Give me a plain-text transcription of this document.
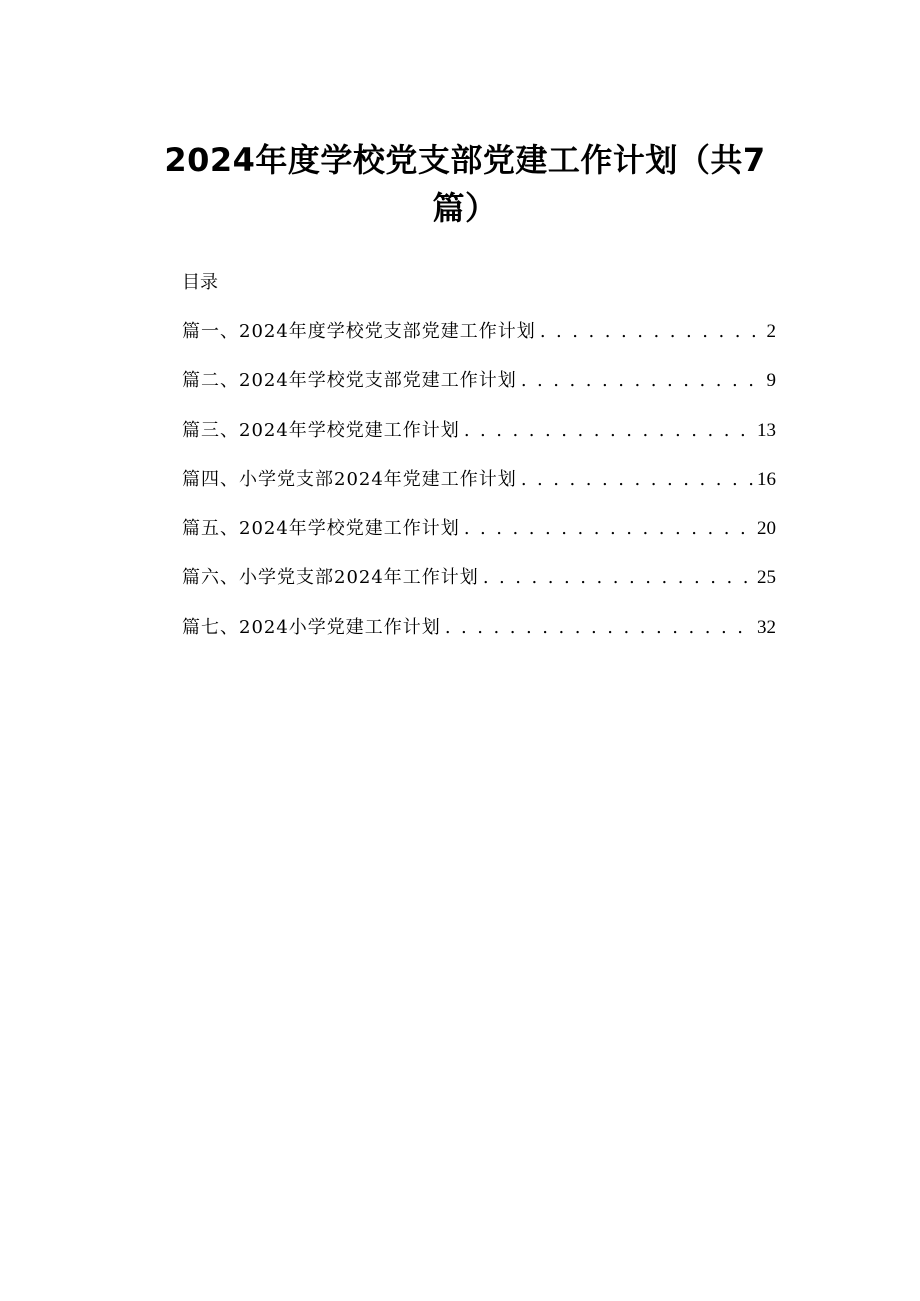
2024年度学校党支部党建工作计划（共7篇）
目录
篇一、2024年度学校党支部党建工作计划 . . .	2
篇二、2024年学校党支部党建工作计划 . . .	9
篇三、2024年学校党建工作计划 . . .	13
篇四、小学党支部2024年党建工作计划 . . .	16
篇五、2024年学校党建工作计划 . . .	20
篇六、小学党支部2024年工作计划 . . .	25
篇七、2024小学党建工作计划 . . .	32
